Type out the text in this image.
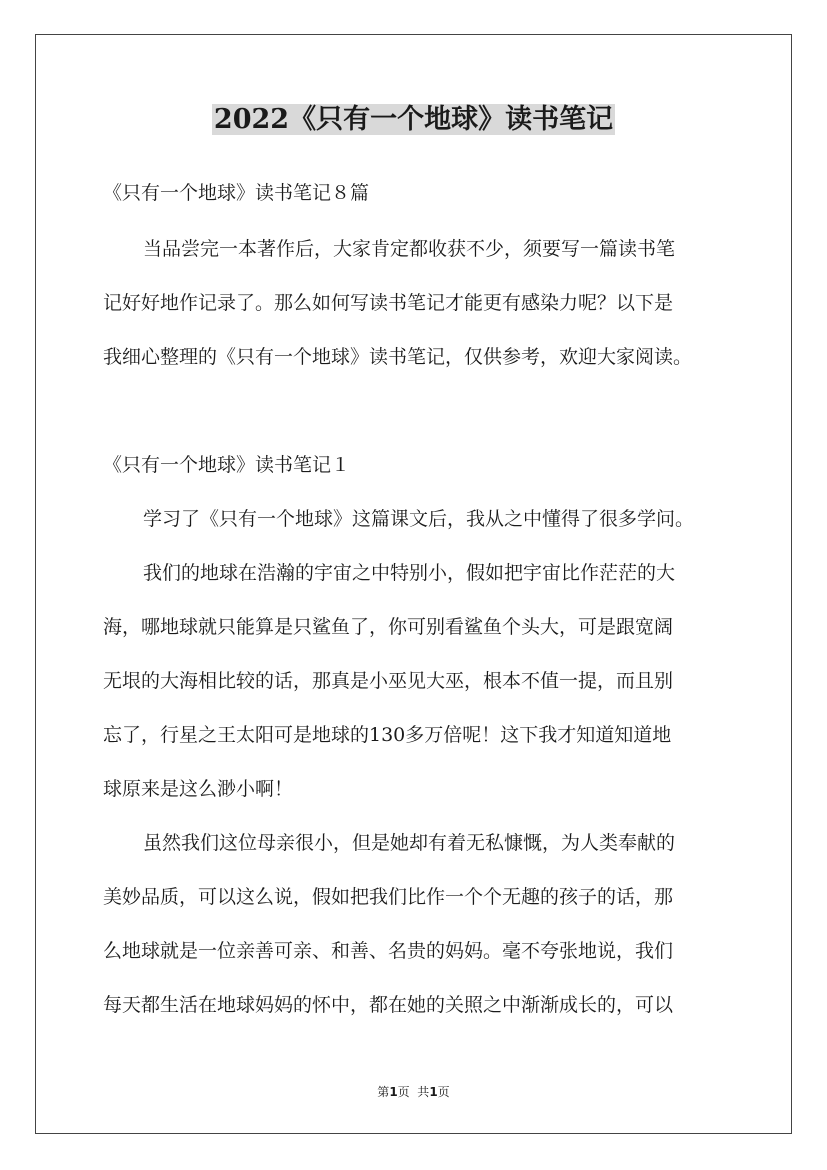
2022《只有一个地球》读书笔记
《只有一个地球》读书笔记８篇
当品尝完一本著作后，大家肯定都收获不少，须要写一篇读书笔
记好好地作记录了。那么如何写读书笔记才能更有感染力呢？以下是
我细心整理的《只有一个地球》读书笔记，仅供参考，欢迎大家阅读。
《只有一个地球》读书笔记１
学习了《只有一个地球》这篇课文后，我从之中懂得了很多学问。
我们的地球在浩瀚的宇宙之中特别小，假如把宇宙比作茫茫的大
海，哪地球就只能算是只鲨鱼了，你可别看鲨鱼个头大，可是跟宽阔
无垠的大海相比较的话，那真是小巫见大巫，根本不值一提，而且别
忘了，行星之王太阳可是地球的130多万倍呢！这下我才知道知道地
球原来是这么渺小啊！
虽然我们这位母亲很小，但是她却有着无私慷慨，为人类奉献的
美妙品质，可以这么说，假如把我们比作一个个无趣的孩子的话，那
么地球就是一位亲善可亲、和善、名贵的妈妈。毫不夸张地说，我们
每天都生活在地球妈妈的怀中，都在她的关照之中渐渐成长的，可以
第1页  共1页
